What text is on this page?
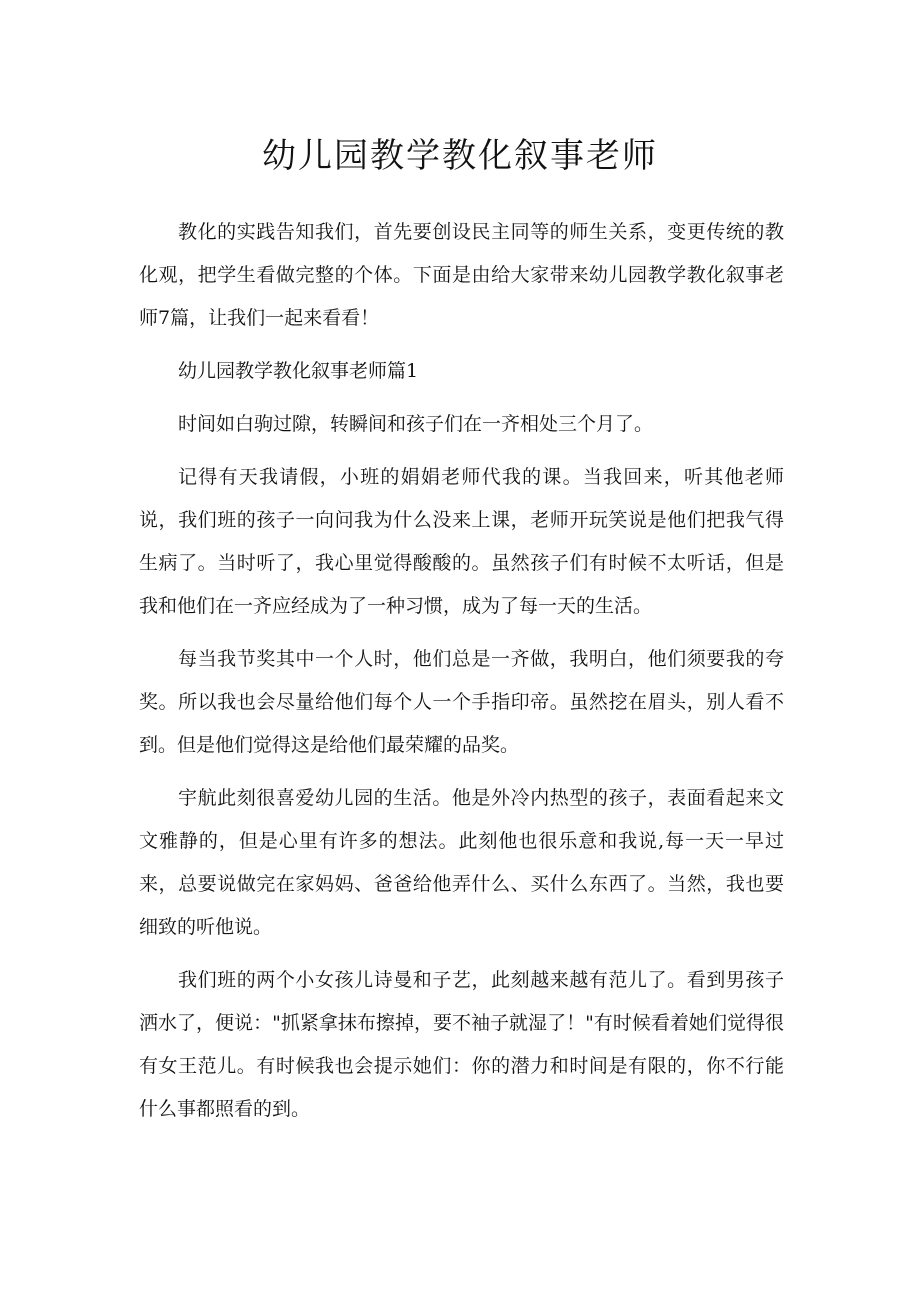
幼儿园教学教化叙事老师

教化的实践告知我们，首先要创设民主同等的师生关系，变更传统的教化观，把学生看做完整的个体。下面是由给大家带来幼儿园教学教化叙事老师7篇，让我们一起来看看！

幼儿园教学教化叙事老师篇1

时间如白驹过隙，转瞬间和孩子们在一齐相处三个月了。

记得有天我请假，小班的娟娟老师代我的课。当我回来，听其他老师说，我们班的孩子一向问我为什么没来上课，老师开玩笑说是他们把我气得生病了。当时听了，我心里觉得酸酸的。虽然孩子们有时候不太听话，但是我和他们在一齐应经成为了一种习惯，成为了每一天的生活。

每当我节奖其中一个人时，他们总是一齐做，我明白，他们须要我的夸奖。所以我也会尽量给他们每个人一个手指印帝。虽然挖在眉头，别人看不到。但是他们觉得这是给他们最荣耀的品奖。

宇航此刻很喜爱幼儿园的生活。他是外冷内热型的孩子，表面看起来文文雅静的，但是心里有许多的想法。此刻他也很乐意和我说,每一天一早过来，总要说做完在家妈妈、爸爸给他弄什么、买什么东西了。当然，我也要细致的听他说。

我们班的两个小女孩儿诗曼和子艺，此刻越来越有范儿了。看到男孩子洒水了，便说："抓紧拿抹布擦掉，要不袖子就湿了！"有时候看着她们觉得很有女王范儿。有时候我也会提示她们：你的潜力和时间是有限的，你不行能什么事都照看的到。
